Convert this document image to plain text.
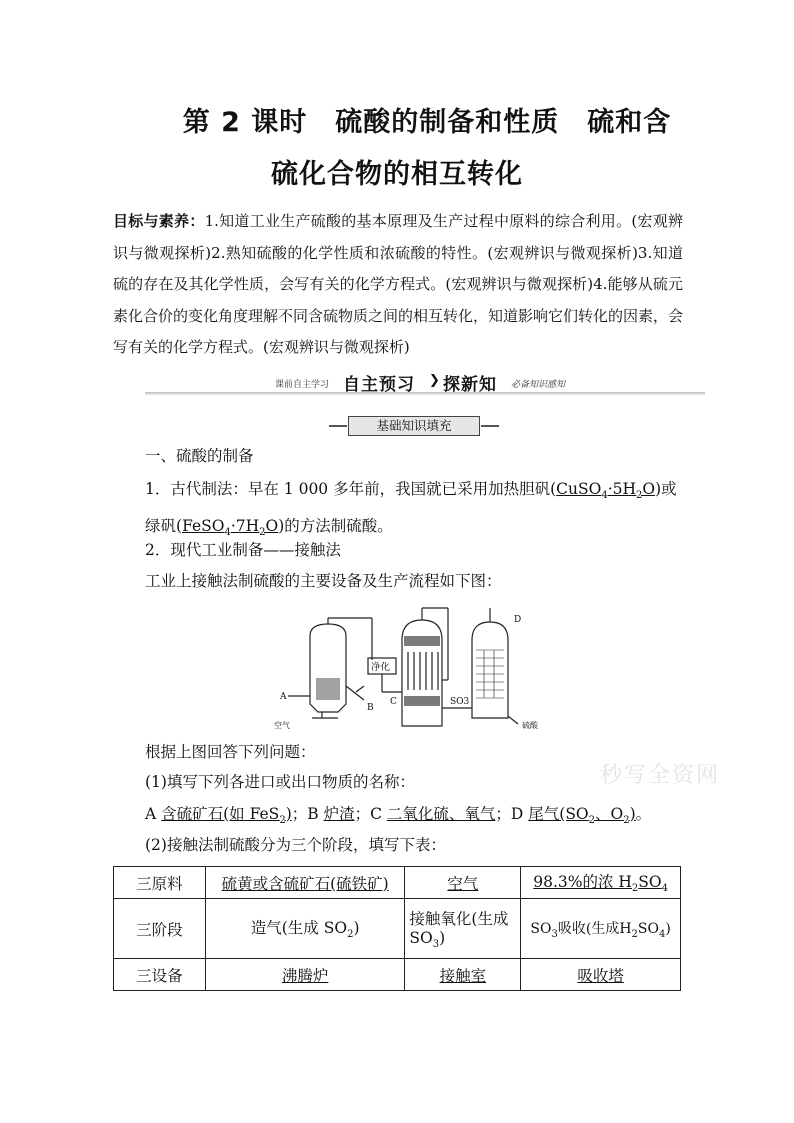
第 2 课时　硫酸的制备和性质　硫和含
硫化合物的相互转化
目标与素养：1.知道工业生产硫酸的基本原理及生产过程中原料的综合利用。(宏观辨识与微观探析)2.熟知硫酸的化学性质和浓硫酸的特性。(宏观辨识与微观探析)3.知道硫的存在及其化学性质，会写有关的化学方程式。(宏观辨识与微观探析)4.能够从硫元素化合价的变化角度理解不同含硫物质之间的相互转化，知道影响它们转化的因素，会写有关的化学方程式。(宏观辨识与微观探析)
课前自主学习 自主预习 ❯ 探新知 必备知识感知
基础知识填充
一、硫酸的制备
1．古代制法：早在 1 000 多年前，我国就已采用加热胆矾$(CuSO_4\cdot 5H_2O)$或绿矾$(FeSO_4\cdot 7H_2O)$的方法制硫酸。
2．现代工业制备——接触法
工业上接触法制硫酸的主要设备及生产流程如下图：
A
B
C
D
净化
SO3
空气	硫酸
根据上图回答下列问题：
(1)填写下列各进口或出口物质的名称：
A 含硫矿石(如 FeS$_2$)；B 炉渣；C 二氧化硫、氧气；D 尾气($SO_2$、$O_2$)。
(2)接触法制硫酸分为三个阶段，填写下表：
秒写全资网
三原料	硫黄或含硫矿石(硫铁矿)	空气	98.3%的浓 $H_2SO_4$
三阶段	造气(生成 $SO_2$)	接触氧化(生成 $SO_3$)	$SO_3$吸收(生成$H_2SO_4$)
三设备	沸腾炉	接触室	吸收塔
